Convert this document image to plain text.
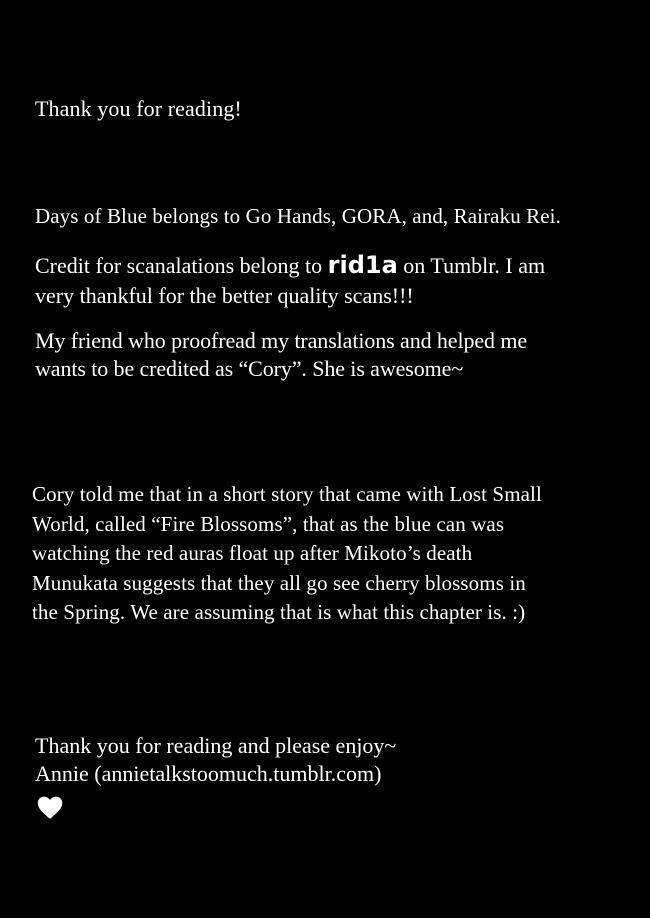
Thank you for reading!

Days of Blue belongs to Go Hands, GORA, and, Rairaku Rei.

Credit for scanalations belong to rid1a on Tumblr. I am
very thankful for the better quality scans!!!

My friend who proofread my translations and helped me
wants to be credited as “Cory”. She is awesome~

Cory told me that in a short story that came with Lost Small
World, called “Fire Blossoms”, that as the blue can was
watching the red auras float up after Mikoto’s death
Munukata suggests that they all go see cherry blossoms in
the Spring. We are assuming that is what this chapter is. :)

Thank you for reading and please enjoy~
Annie (annietalkstoomuch.tumblr.com)
